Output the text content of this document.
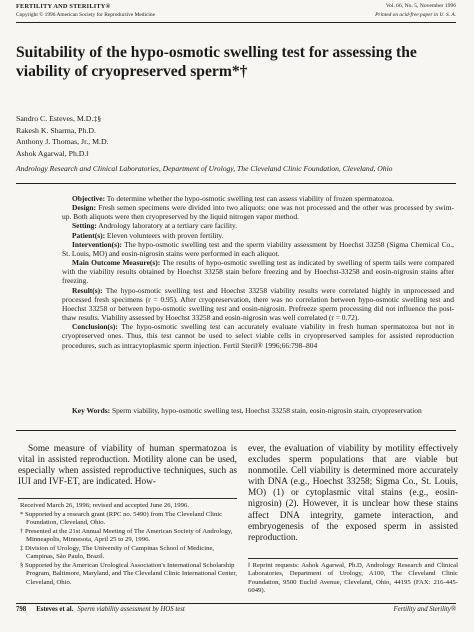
FERTILITY AND STERILITY®
Copyright © 1996 American Society for Reproductive Medicine
Vol. 66, No. 5, November 1996
Printed on acid-free paper in U. S. A.
Suitability of the hypo-osmotic swelling test for assessing the viability of cryopreserved sperm*†
Sandro C. Esteves, M.D.‡§
Rakesh K. Sharma, Ph.D.
Anthony J. Thomas, Jr., M.D.
Ashok Agarwal, Ph.D.‖
Andrology Research and Clinical Laboratories, Department of Urology, The Cleveland Clinic Foundation, Cleveland, Ohio

Objective: To determine whether the hypo-osmotic swelling test can assess viability of frozen spermatozoa.

Design: Fresh semen specimens were divided into two aliquots: one was not processed and the other was processed by swim-up. Both aliquots were then cryopreserved by the liquid nitrogen vapor method.

Setting: Andrology laboratory at a tertiary care facility.

Patient(s): Eleven volunteers with proven fertility.

Intervention(s): The hypo-osmotic swelling test and the sperm viability assessment by Hoechst 33258 (Sigma Chemical Co., St. Louis, MO) and eosin-nigrosin stains were performed in each aliquot.

Main Outcome Measure(s): The results of hypo-osmotic swelling test as indicated by swelling of sperm tails were compared with the viability results obtained by Hoechst 33258 stain before freezing and by Hoechst-33258 and eosin-nigrosin stains after freezing.

Result(s): The hypo-osmotic swelling test and Hoechst 33258 viability results were correlated highly in unprocessed and processed fresh specimens (r = 0.95). After cryopreservation, there was no correlation between hypo-osmotic swelling test and Hoechst 33258 or between hypo-osmotic swelling test and eosin-nigrosin. Prefreeze sperm processing did not influence the post-thaw results. Viability assessed by Hoechst 33258 and eosin-nigrosin was well correlated (r = 0.72).

Conclusion(s): The hypo-osmotic swelling test can accurately evaluate viability in fresh human spermatozoa but not in cryopreserved ones. Thus, this test cannot be used to select viable cells in cryopreserved samples for assisted reproduction procedures, such as intracytoplasmic sperm injection. Fertil Steril® 1996;66:798–804

Key Words: Sperm viability, hypo-osmotic swelling test, Hoechst 33258 stain, eosin-nigrosin stain, cryopreservation
Some measure of viability of human spermatozoa is vital in assisted reproduction. Motility alone can be used, especially when assisted reproductive techniques, such as IUI and IVF-ET, are indicated. How-
ever, the evaluation of viability by motility effectively excludes sperm populations that are viable but nonmotile. Cell viability is determined more accurately with DNA (e.g., Hoechst 33258; Sigma Co., St. Louis, MO) (1) or cytoplasmic vital stains (e.g., eosin-nigrosin) (2). However, it is unclear how these stains affect DNA integrity, gamete interaction, and embryogenesis of the exposed sperm in assisted reproduction.
Received March 26, 1996; revised and accepted June 26, 1996.
* Supported by a research grant (RPC no. 5490) from The Cleveland Clinic Foundation, Cleveland, Ohio.
† Presented at the 21st Annual Meeting of The American Society of Andrology, Minneapolis, Minnesota, April 25 to 29, 1996.
‡ Division of Urology, The University of Campinas School of Medicine, Campinas, São Paulo, Brazil.
§ Supported by the American Urological Association's International Scholarship Program, Baltimore, Maryland, and The Cleveland Clinic International Center, Cleveland, Ohio.
‖ Reprint requests: Ashok Agarwal, Ph.D, Andrology Research and Clinical Laboratories, Department of Urology, A100, The Cleveland Clinic Foundation, 9500 Euclid Avenue, Cleveland, Ohio, 44195 (FAX: 216-445-6049).
798 Esteves et al. Sperm viability assessment by HOS test	Fertility and Sterility®
